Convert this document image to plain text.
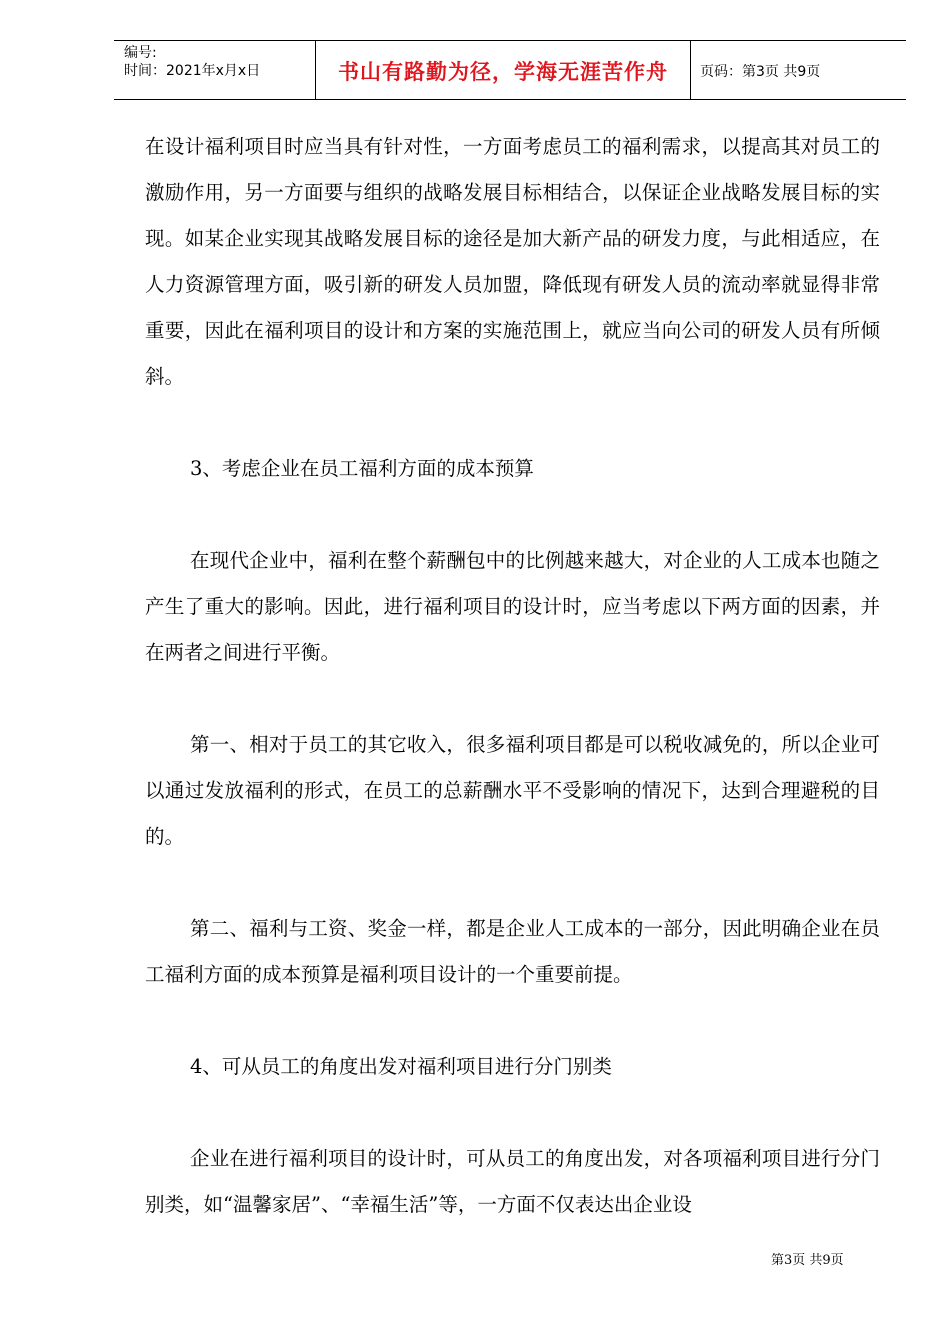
编号:
时间：2021年x月x日	书山有路勤为径，学海无涯苦作舟	页码：第3页 共9页

在设计福利项目时应当具有针对性，一方面考虑员工的福利需求，以提高其对员工的激励作用，另一方面要与组织的战略发展目标相结合，以保证企业战略发展目标的实现。如某企业实现其战略发展目标的途径是加大新产品的研发力度，与此相适应，在人力资源管理方面，吸引新的研发人员加盟，降低现有研发人员的流动率就显得非常重要，因此在福利项目的设计和方案的实施范围上，就应当向公司的研发人员有所倾斜。

3、考虑企业在员工福利方面的成本预算

在现代企业中，福利在整个薪酬包中的比例越来越大，对企业的人工成本也随之产生了重大的影响。因此，进行福利项目的设计时，应当考虑以下两方面的因素，并在两者之间进行平衡。

第一、相对于员工的其它收入，很多福利项目都是可以税收减免的，所以企业可以通过发放福利的形式，在员工的总薪酬水平不受影响的情况下，达到合理避税的目的。

第二、福利与工资、奖金一样，都是企业人工成本的一部分，因此明确企业在员工福利方面的成本预算是福利项目设计的一个重要前提。

4、可从员工的角度出发对福利项目进行分门别类

企业在进行福利项目的设计时，可从员工的角度出发，对各项福利项目进行分门别类，如“温馨家居”、“幸福生活”等，一方面不仅表达出企业设

第3页 共9页
